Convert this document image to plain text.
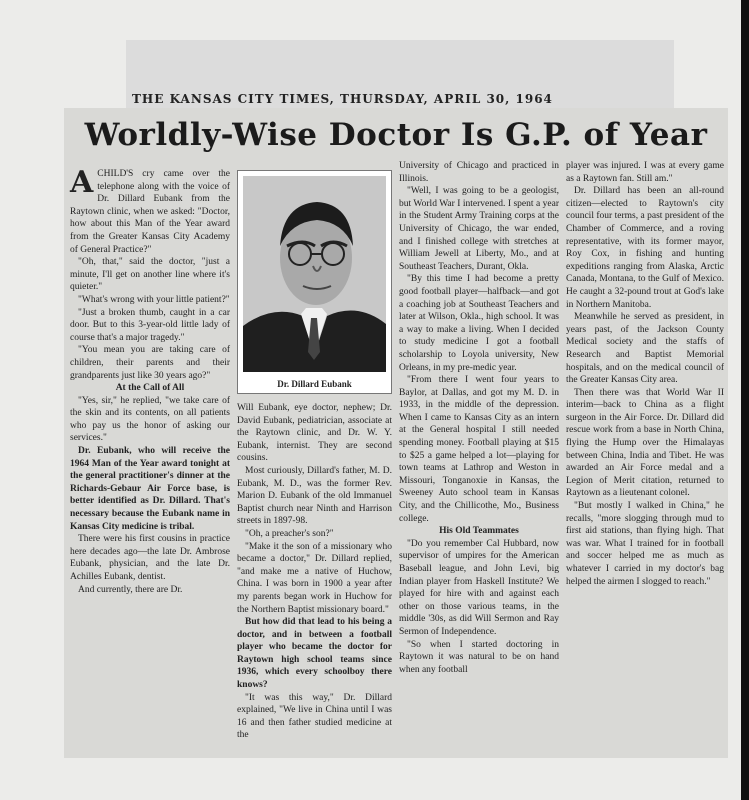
THE KANSAS CITY TIMES, THURSDAY, APRIL 30, 1964
Worldly-Wise Doctor Is G.P. of Year

ACHILD'S cry came over the telephone along with the voice of Dr. Dillard Eubank from the Raytown clinic, when we asked: "Doctor, how about this Man of the Year award from the Greater Kansas City Academy of General Practice?"

"Oh, that," said the doctor, "just a minute, I'll get on another line where it's quieter."

"What's wrong with your little patient?"

"Just a broken thumb, caught in a car door. But to this 3-year-old little lady of course that's a major tragedy."

"You mean you are taking care of children, their parents and their grandparents just like 30 years ago?"

At the Call of All

"Yes, sir," he replied, "we take care of the skin and its contents, on all patients who pay us the honor of asking our services."

Dr. Eubank, who will receive the 1964 Man of the Year award tonight at the general practitioner's dinner at the Richards-Gebaur Air Force base, is better identified as Dr. Dillard. That's necessary because the Eubank name in Kansas City medicine is tribal.

There were his first cousins in practice here decades ago—the late Dr. Ambrose Eubank, physician, and the late Dr. Achilles Eubank, dentist.

And currently, there are Dr.

Dr. Dillard Eubank

Will Eubank, eye doctor, nephew; Dr. David Eubank, pediatrician, associate at the Raytown clinic, and Dr. W. Y. Eubank, internist. They are second cousins.

Most curiously, Dillard's father, M. D. Eubank, M. D., was the former Rev. Marion D. Eubank of the old Immanuel Baptist church near Ninth and Harrison streets in 1897-98.

"Oh, a preacher's son?"

"Make it the son of a missionary who became a doctor," Dr. Dillard replied, "and make me a native of Huchow, China. I was born in 1900 a year after my parents began work in Huchow for the Northern Baptist missionary board."

But how did that lead to his being a doctor, and in between a football player who became the doctor for Raytown high school teams since 1936, which every schoolboy there knows?

"It was this way," Dr. Dillard explained, "We live in China until I was 16 and then father studied medicine at the

University of Chicago and practiced in Illinois.

"Well, I was going to be a geologist, but World War I intervened. I spent a year in the Student Army Training corps at the University of Chicago, the war ended, and I finished college with stretches at William Jewell at Liberty, Mo., and at Southeast Teachers, Durant, Okla.

"By this time I had become a pretty good football player—halfback—and got a coaching job at Southeast Teachers and later at Wilson, Okla., high school. It was a way to make a living. When I decided to study medicine I got a football scholarship to Loyola university, New Orleans, in my pre-medic year.

"From there I went four years to Baylor, at Dallas, and got my M. D. in 1933, in the middle of the depression. When I came to Kansas City as an intern at the General hospital I still needed spending money. Football playing at $15 to $25 a game helped a lot—playing for town teams at Lathrop and Weston in Missouri, Tonganoxie in Kansas, the Sweeney Auto school team in Kansas City, and the Chillicothe, Mo., Business college.

His Old Teammates

"Do you remember Cal Hubbard, now supervisor of umpires for the American Baseball league, and John Levi, big Indian player from Haskell Institute? We played for hire with and against each other on those various teams, in the middle '30s, as did Will Sermon and Ray Sermon of Independence.

"So when I started doctoring in Raytown it was natural to be on hand when any football

player was injured. I was at every game as a Raytown fan. Still am."

Dr. Dillard has been an all-round citizen—elected to Raytown's city council four terms, a past president of the Chamber of Commerce, and a roving representative, with its former mayor, Roy Cox, in fishing and hunting expeditions ranging from Alaska, Arctic Canada, Montana, to the Gulf of Mexico. He caught a 32-pound trout at God's lake in Northern Manitoba.

Meanwhile he served as president, in years past, of the Jackson County Medical society and the staffs of Research and Baptist Memorial hospitals, and on the medical council of the Greater Kansas City area.

Then there was that World War II interim—back to China as a flight surgeon in the Air Force. Dr. Dillard did rescue work from a base in North China, flying the Hump over the Himalayas between China, India and Tibet. He was awarded an Air Force medal and a Legion of Merit citation, returned to Raytown as a lieutenant colonel.

"But mostly I walked in China," he recalls, "more slogging through mud to first aid stations, than flying high. That was war. What I trained for in football and soccer helped me as much as whatever I carried in my doctor's bag helped the airmen I slogged to reach."
